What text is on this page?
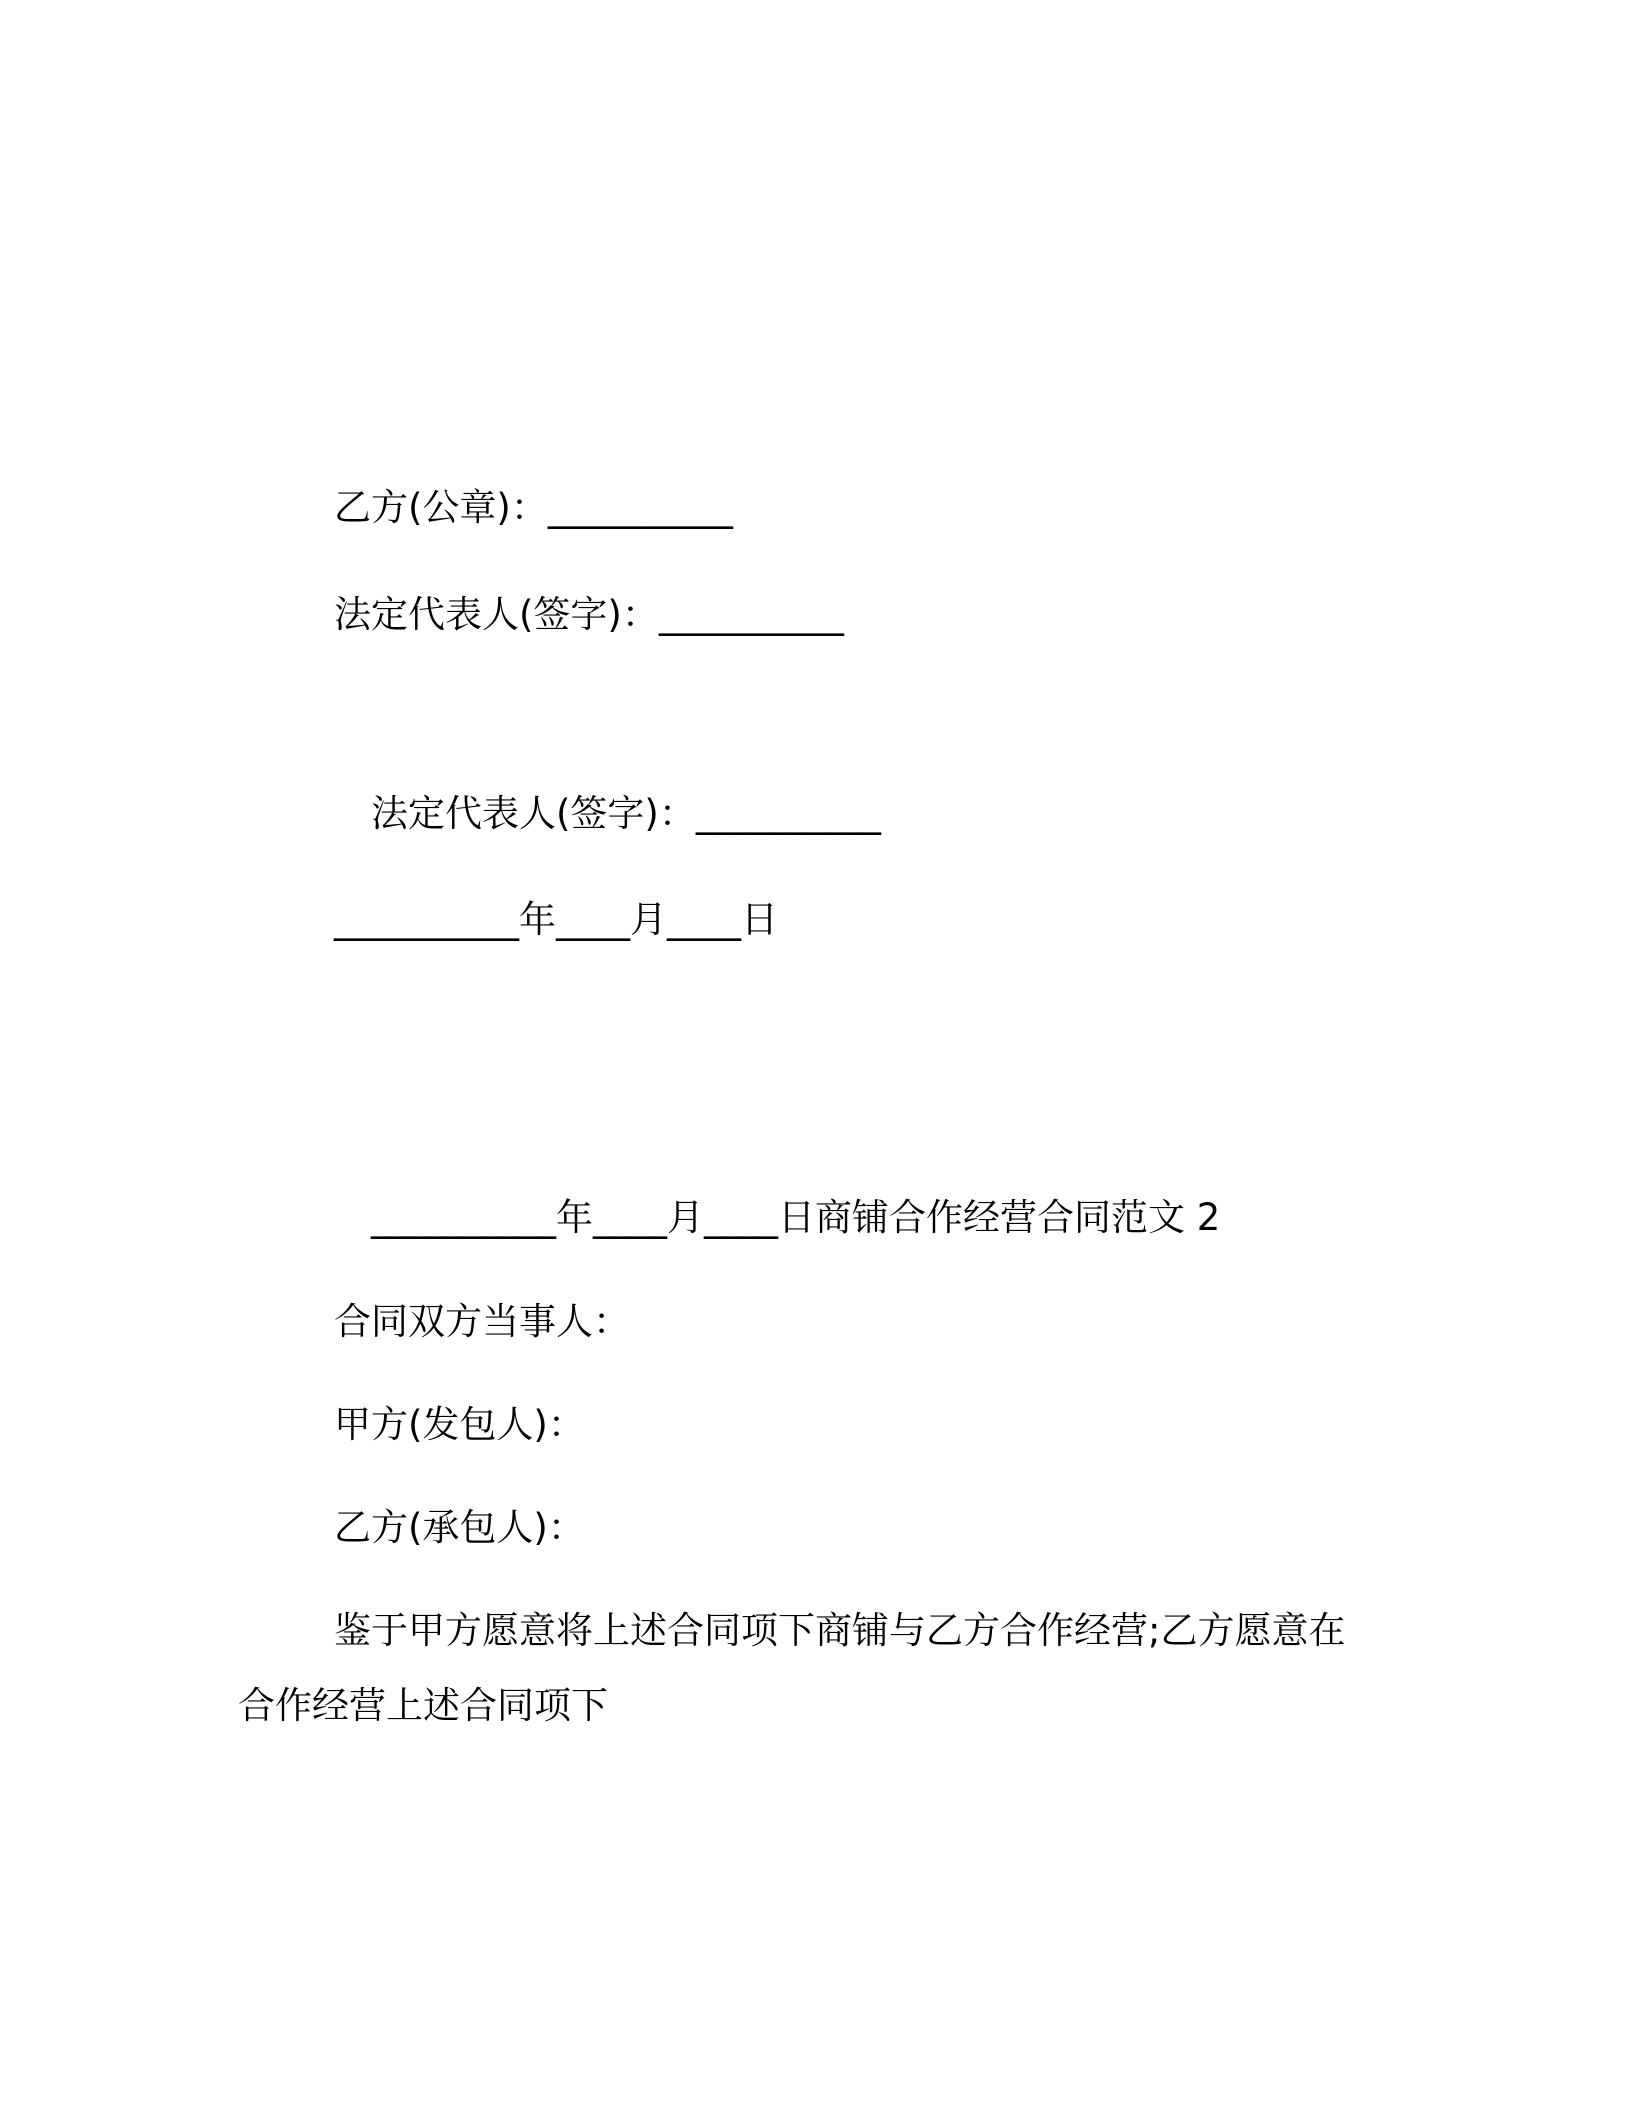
乙方(公章)：__________
法定代表人(签字)：__________
法定代表人(签字)：__________
__________年____月____日
__________年____月____日商铺合作经营合同范文 2
合同双方当事人：
甲方(发包人)：
乙方(承包人)：
鉴于甲方愿意将上述合同项下商铺与乙方合作经营;乙方愿意在
合作经营上述合同项下
